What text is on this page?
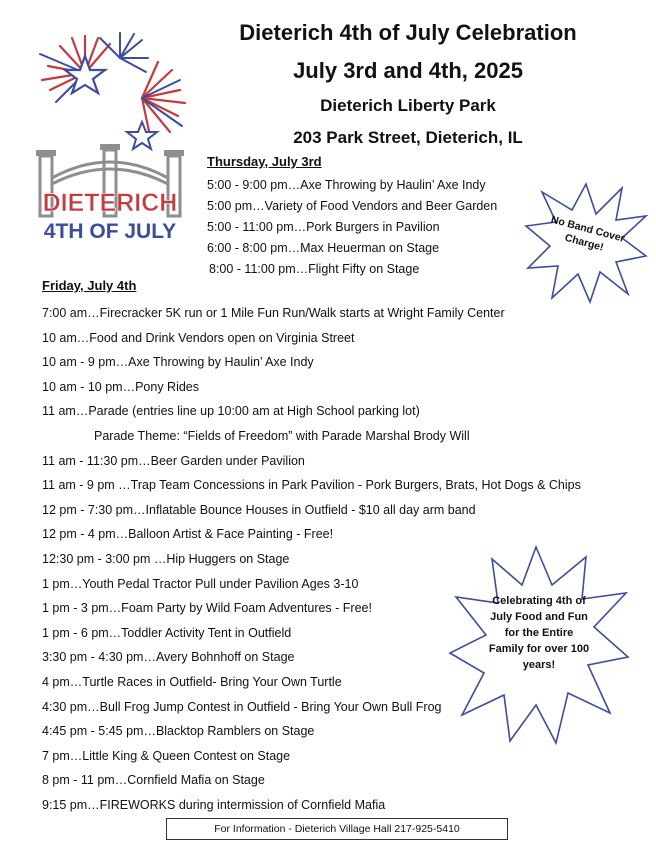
DIETERICH
4TH OF JULY
Dieterich 4th of July Celebration
July 3rd and 4th, 2025
Dieterich Liberty Park
203 Park Street, Dieterich, IL
Thursday, July 3rd
5:00 - 9:00 pm…Axe Throwing by Haulin’ Axe Indy
5:00 pm…Variety of Food Vendors and Beer Garden
5:00 - 11:00 pm…Pork Burgers in Pavilion
6:00 - 8:00 pm…Max Heuerman on Stage
8:00 - 11:00 pm…Flight Fifty on Stage
No Band Cover Charge!
Friday, July 4th
7:00 am…Firecracker 5K run or 1 Mile Fun Run/Walk starts at Wright Family Center
10 am…Food and Drink Vendors open on Virginia Street
10 am - 9 pm…Axe Throwing by Haulin’ Axe Indy
10 am - 10 pm…Pony Rides
11 am…Parade (entries line up 10:00 am at High School parking lot)
Parade Theme: “Fields of Freedom” with Parade Marshal Brody Will
11 am - 11:30 pm…Beer Garden under Pavilion
11 am - 9 pm …Trap Team Concessions in Park Pavilion - Pork Burgers, Brats, Hot Dogs & Chips
12 pm - 7:30 pm…Inflatable Bounce Houses in Outfield - $10 all day arm band
12 pm - 4 pm…Balloon Artist & Face Painting - Free!
12:30 pm - 3:00 pm …Hip Huggers on Stage
1 pm…Youth Pedal Tractor Pull under Pavilion Ages 3-10
1 pm - 3 pm…Foam Party by Wild Foam Adventures - Free!
1 pm - 6 pm…Toddler Activity Tent in Outfield
3:30 pm - 4:30 pm…Avery Bohnhoff on Stage
4 pm…Turtle Races in Outfield- Bring Your Own Turtle
4:30 pm…Bull Frog Jump Contest in Outfield - Bring Your Own Bull Frog
4:45 pm - 5:45 pm…Blacktop Ramblers on Stage
7 pm…Little King & Queen Contest on Stage
8 pm - 11 pm…Cornfield Mafia on Stage
9:15 pm…FIREWORKS during intermission of Cornfield Mafia
Celebrating 4th of July Food and Fun for the Entire Family for over 100 years!
For Information - Dieterich Village Hall 217-925-5410
